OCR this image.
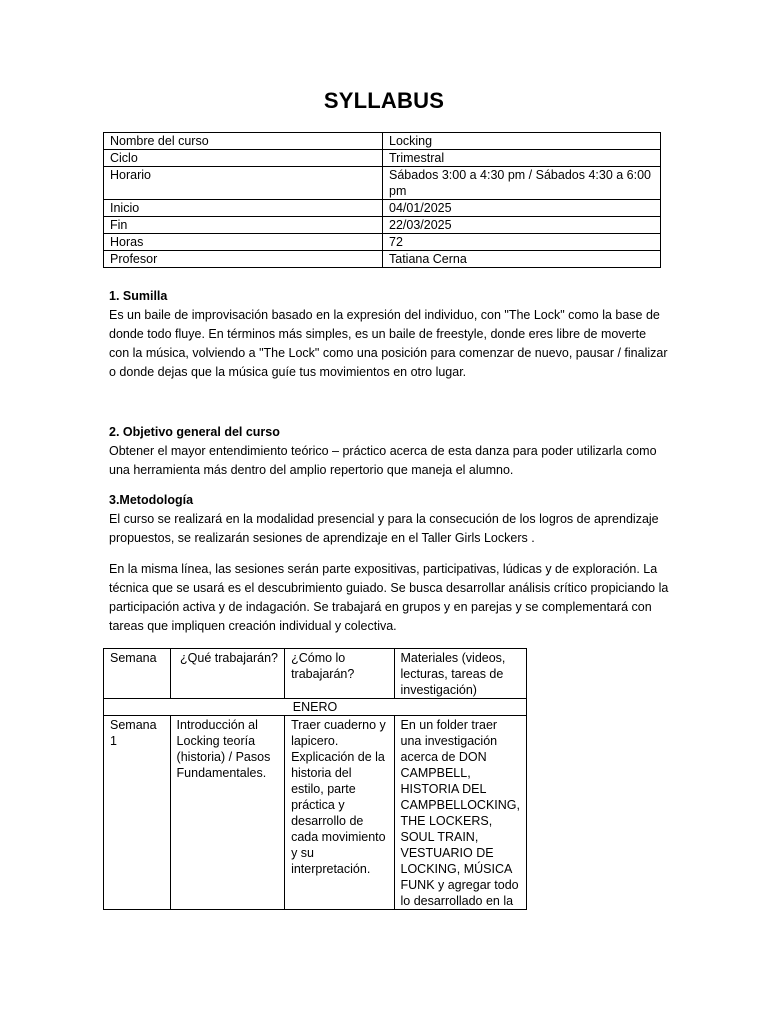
SYLLABUS
Nombre del curso	Locking
Ciclo	Trimestral
Horario	Sábados 3:00 a 4:30 pm / Sábados 4:30 a 6:00 pm
Inicio	04/01/2025
Fin	22/03/2025
Horas	72
Profesor	Tatiana Cerna
1. Sumilla
Es un baile de improvisación basado en la expresión del individuo, con "The Lock" como la base de donde todo fluye. En términos más simples, es un baile de freestyle, donde eres libre de moverte con la música, volviendo a "The Lock" como una posición para comenzar de nuevo, pausar / finalizar o donde dejas que la música guíe tus movimientos en otro lugar.
2. Objetivo general del curso
Obtener el mayor entendimiento teórico – práctico acerca de esta danza para poder utilizarla como una herramienta más dentro del amplio repertorio que maneja el alumno.
3.Metodología
El curso se realizará en la modalidad presencial y para la consecución de los logros de aprendizaje propuestos, se realizarán sesiones de aprendizaje en el Taller Girls Lockers .
En la misma línea, las sesiones serán parte expositivas, participativas, lúdicas y de exploración. La técnica que se usará es el descubrimiento guiado. Se busca desarrollar análisis crítico propiciando la participación activa y de indagación. Se trabajará en grupos y en parejas y se complementará con tareas que impliquen creación individual y colectiva.
Semana	¿Qué trabajarán?	¿Cómo lo trabajarán?	Materiales (videos, lecturas, tareas de investigación)
ENERO			
Semana 1	Introducción al Locking teoría (historia) / Pasos Fundamentales.	Traer cuaderno y lapicero. Explicación de la historia del estilo, parte práctica y desarrollo de cada movimiento y su interpretación.	En un folder traer una investigación acerca de DON CAMPBELL, HISTORIA DEL CAMPBELLOCKING, THE LOCKERS, SOUL TRAIN, VESTUARIO DE LOCKING, MÚSICA FUNK y agregar todo lo desarrollado en la
